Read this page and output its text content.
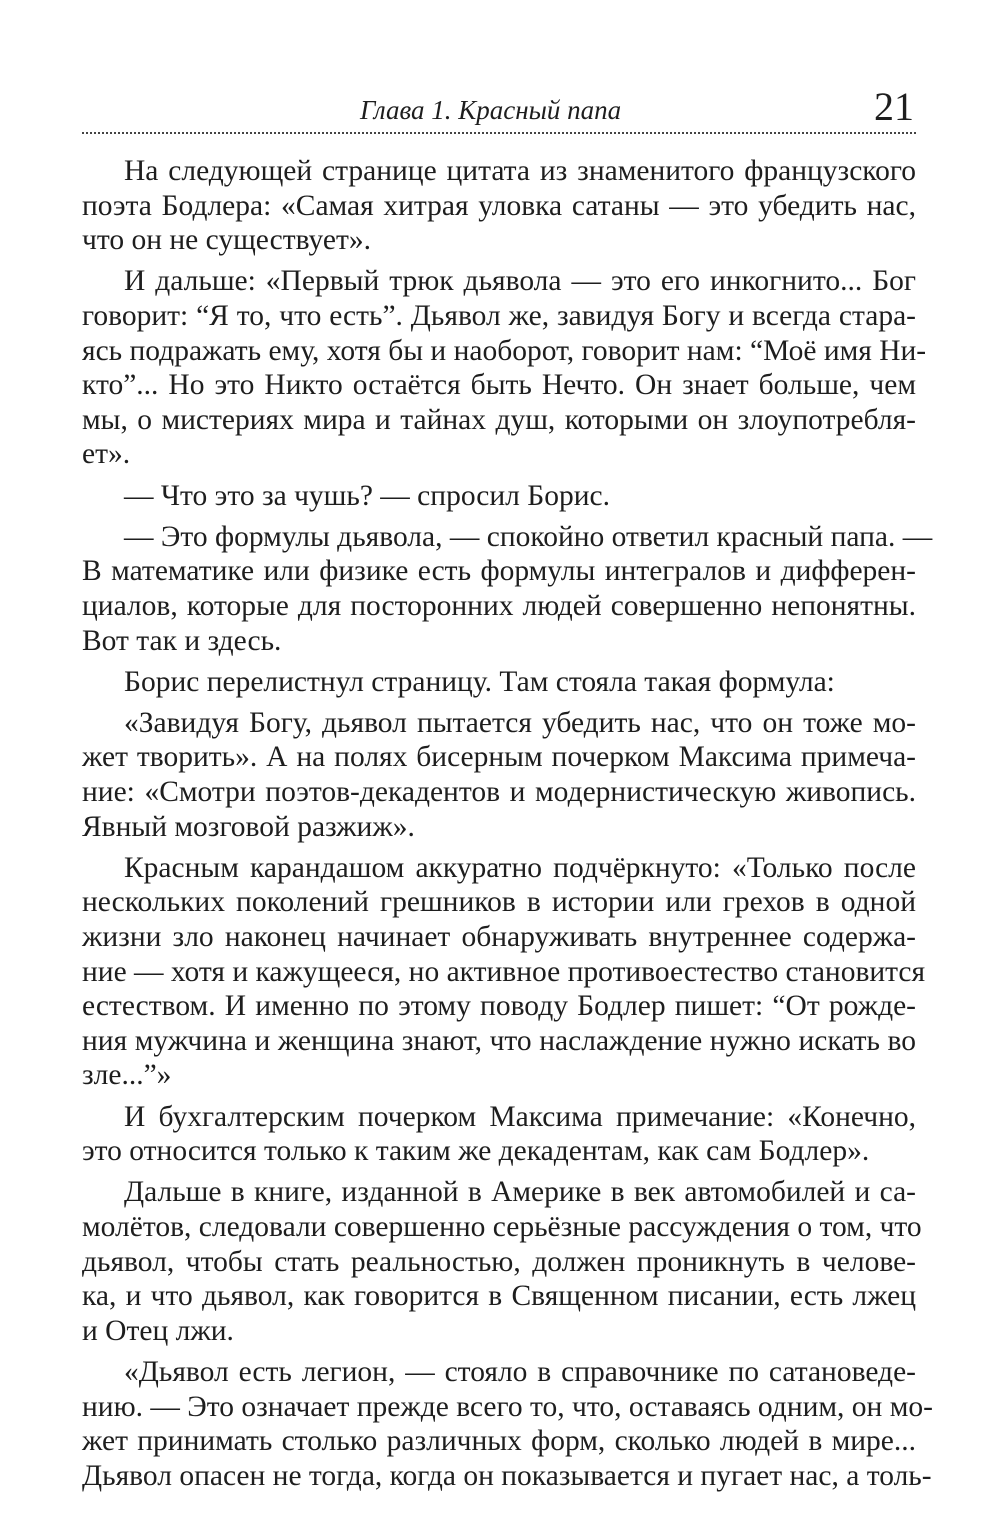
Глава 1. Красный папа	21
На следующей странице цитата из знаменитого французского
поэта Бодлера: «Самая хитрая уловка сатаны — это убедить нас,
что он не существует».
И дальше: «Первый трюк дьявола — это его инкогнито... Бог
говорит: “Я то, что есть”. Дьявол же, завидуя Богу и всегда стара-
ясь подражать ему, хотя бы и наоборот, говорит нам: “Моё имя Ни-
кто”... Но это Никто остаётся быть Нечто. Он знает больше, чем
мы, о мистериях мира и тайнах душ, которыми он злоупотребля-
ет».
— Что это за чушь? — спросил Борис.
— Это формулы дьявола, — спокойно ответил красный папа. —
В математике или физике есть формулы интегралов и дифферен-
циалов, которые для посторонних людей совершенно непонятны.
Вот так и здесь.
Борис перелистнул страницу. Там стояла такая формула:
«Завидуя Богу, дьявол пытается убедить нас, что он тоже мо-
жет творить». А на полях бисерным почерком Максима примеча-
ние: «Смотри поэтов-декадентов и модернистическую живопись.
Явный мозговой разжиж».
Красным карандашом аккуратно подчёркнуто: «Только после
нескольких поколений грешников в истории или грехов в одной
жизни зло наконец начинает обнаруживать внутреннее содержа-
ние — хотя и кажущееся, но активное противоестество становится
естеством. И именно по этому поводу Бодлер пишет: “От рожде-
ния мужчина и женщина знают, что наслаждение нужно искать во
зле...”»
И бухгалтерским почерком Максима примечание: «Конечно,
это относится только к таким же декадентам, как сам Бодлер».
Дальше в книге, изданной в Америке в век автомобилей и са-
молётов, следовали совершенно серьёзные рассуждения о том, что
дьявол, чтобы стать реальностью, должен проникнуть в челове-
ка, и что дьявол, как говорится в Священном писании, есть лжец
и Отец лжи.
«Дьявол есть легион, — стояло в справочнике по сатановеде-
нию. — Это означает прежде всего то, что, оставаясь одним, он мо-
жет принимать столько различных форм, сколько людей в мире...
Дьявол опасен не тогда, когда он показывается и пугает нас, а толь-
